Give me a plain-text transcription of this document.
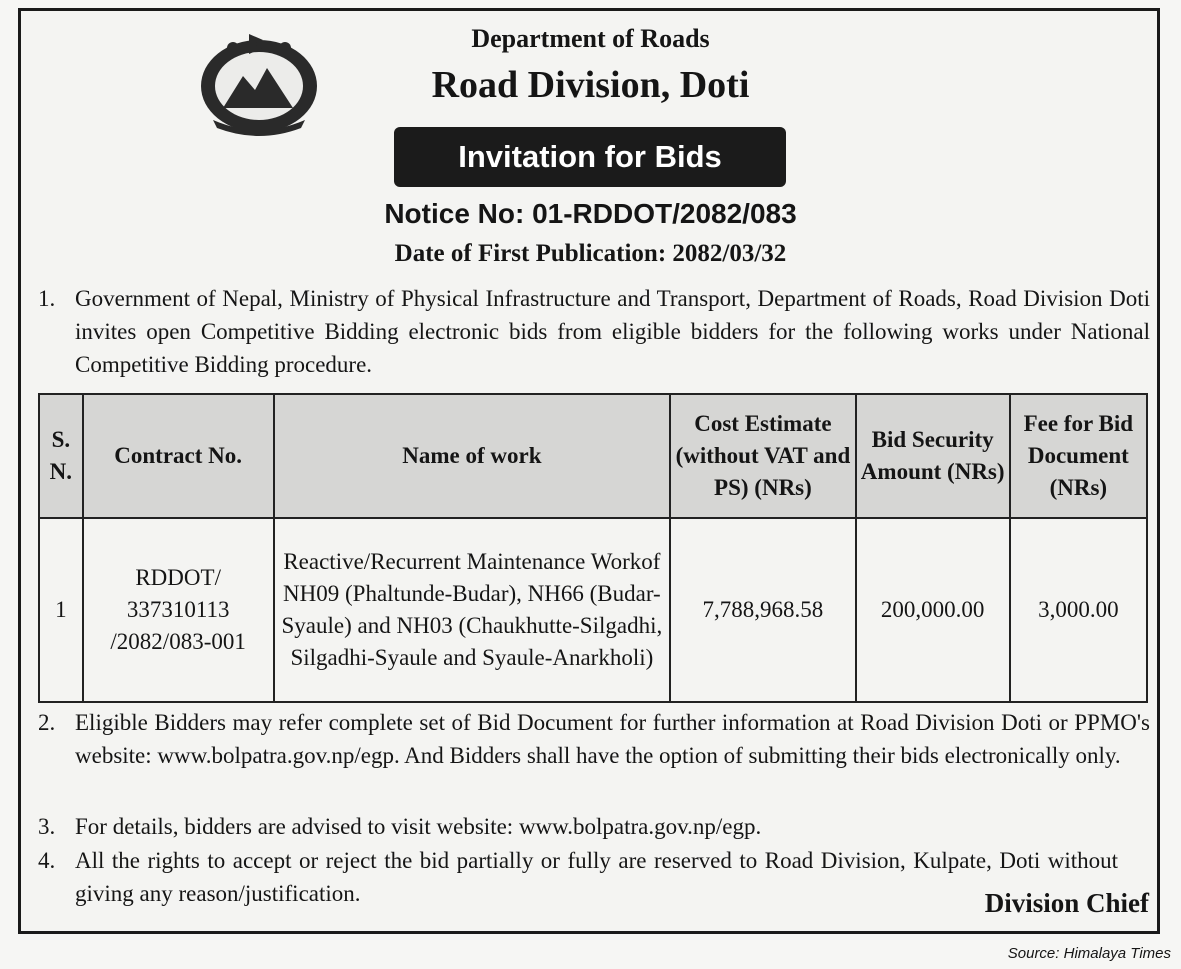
Department of Roads
Road Division, Doti
Invitation for Bids
Notice No: 01-RDDOT/2082/083
Date of First Publication: 2082/03/32
1. Government of Nepal, Ministry of Physical Infrastructure and Transport, Department of Roads, Road Division Doti invites open Competitive Bidding electronic bids from eligible bidders for the following works under National Competitive Bidding procedure.
S. N.	Contract No.	Name of work	Cost Estimate (without VAT and PS) (NRs)	Bid Security Amount (NRs)	Fee for Bid Document (NRs)
1	RDDOT/ 337310113 /2082/083-001	Reactive/Recurrent Maintenance Workof NH09 (Phaltunde-Budar), NH66 (Budar-Syaule) and NH03 (Chaukhutte-Silgadhi, Silgadhi-Syaule and Syaule-Anarkholi)	7,788,968.58	200,000.00	3,000.00
2. Eligible Bidders may refer complete set of Bid Document for further information at Road Division Doti or PPMO's website: www.bolpatra.gov.np/egp. And Bidders shall have the option of submitting their bids electronically only.
3. For details, bidders are advised to visit website: www.bolpatra.gov.np/egp.
4. All the rights to accept or reject the bid partially or fully are reserved to Road Division, Kulpate, Doti without giving any reason/justification.	Division Chief
Source: Himalaya Times
